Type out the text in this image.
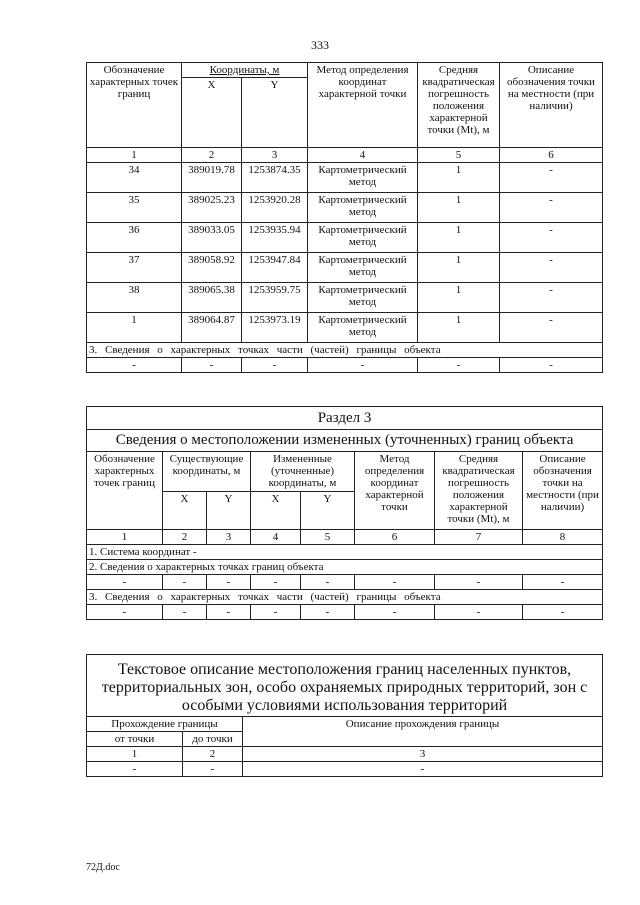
333
Обозначение характерных точек границ	Координаты, м		Метод определения координат характерной точки	Средняя квадратическая погрешность положения характерной точки (Mt), м	Описание обозначения точки на местности (при наличии)
	X	Y			
1	2	3	4	5	6
34	389019.78	1253874.35	Картометрический метод	1	-
35	389025.23	1253920.28	Картометрический метод	1	-
36	389033.05	1253935.94	Картометрический метод	1	-
37	389058.92	1253947.84	Картометрический метод	1	-
38	389065.38	1253959.75	Картометрический метод	1	-
1	389064.87	1253973.19	Картометрический метод	1	-
3. Сведения о характерных точках части (частей) границы объекта					
-	-	-	-	-	-
Раздел 3							
Сведения о местоположении измененных (уточненных) границ объекта							
Обозначение характерных точек границ	Существующие координаты, м		Измененные (уточненные) координаты, м		Метод определения координат характерной точки	Средняя квадратическая погрешность положения характерной точки (Mt), м	Описание обозначения точки на местности (при наличии)
	X	Y	X	Y			
1	2	3	4	5	6	7	8
1. Система координат -							
2. Сведения о характерных точках границ объекта							
-	-	-	-	-	-	-	-
3. Сведения о характерных точках части (частей) границы объекта							
-	-	-	-	-	-	-	-
Текстовое описание местоположения границ населенных пунктов, территориальных зон, особо охраняемых природных территорий, зон с особыми условиями использования территорий		
Прохождение границы		Описание прохождения границы
от точки	до точки	
1	2	3
-	-	-
72Д.doc
